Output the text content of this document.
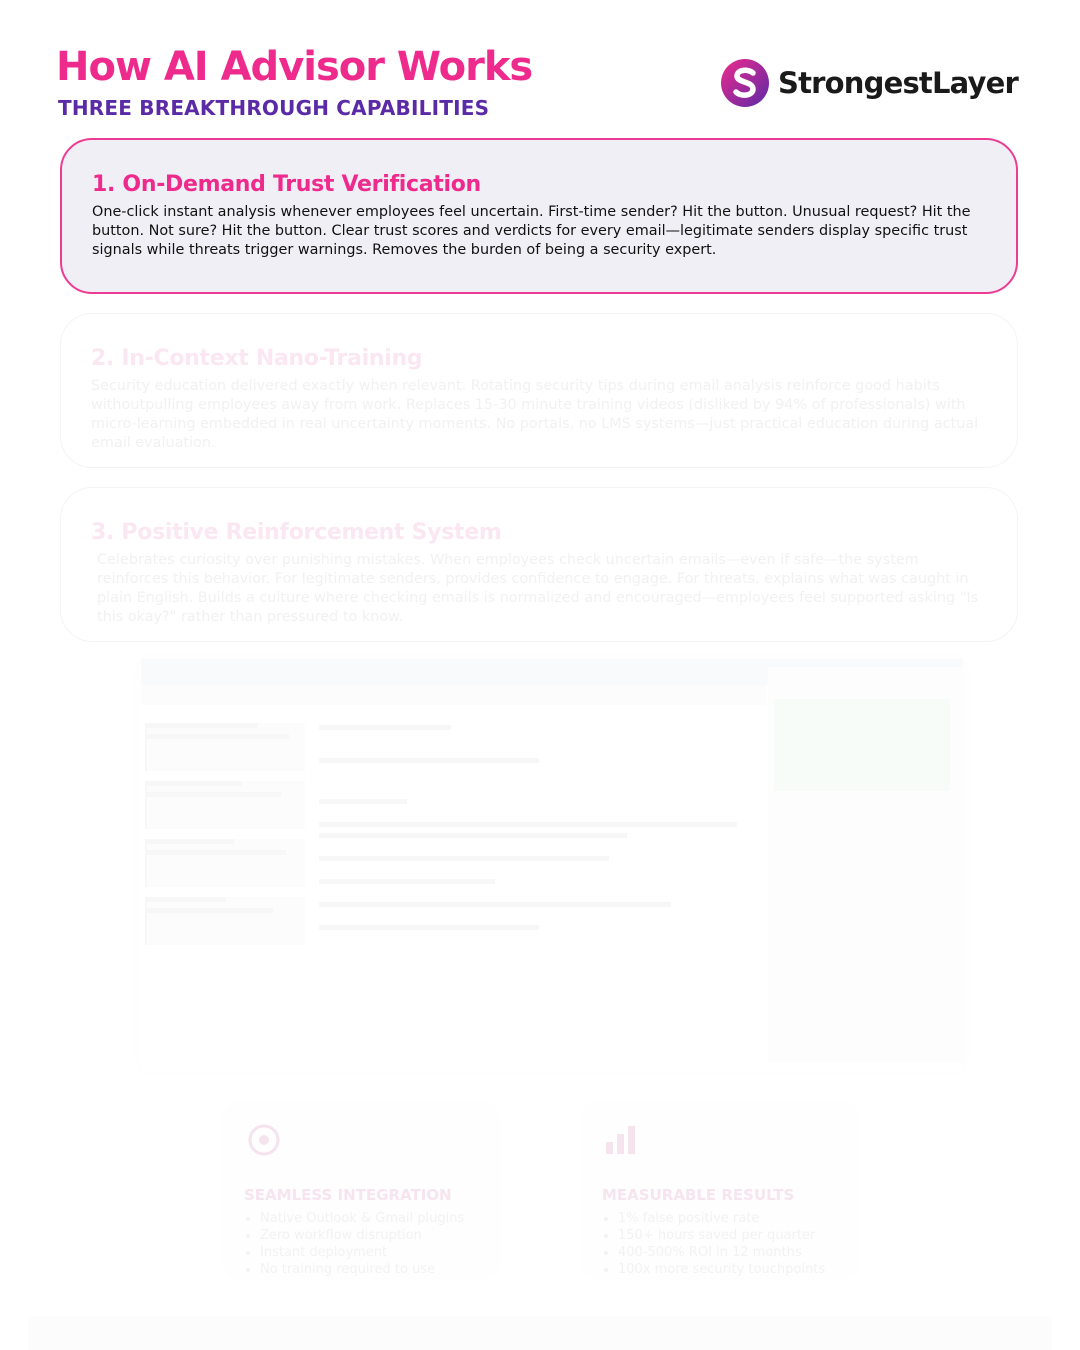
How AI Advisor Works
THREE BREAKTHROUGH CAPABILITIES
StrongestLayer
1. On-Demand Trust Verification

One-click instant analysis whenever employees feel uncertain. First-time sender? Hit the button. Unusual request? Hit the button. Not sure? Hit the button. Clear trust scores and verdicts for every email—legitimate senders display specific trust signals while threats trigger warnings. Removes the burden of being a security expert.

2. In-Context Nano-Training

Security education delivered exactly when relevant. Rotating security tips during email analysis reinforce good habits withoutpulling employees away from work. Replaces 15-30 minute training videos (disliked by 94% of professionals) with micro-learning embedded in real uncertainty moments. No portals, no LMS systems—just practical education during actual email evaluation.

3. Positive Reinforcement System

Celebrates curiosity over punishing mistakes. When employees check uncertain emails—even if safe—the system reinforces this behavior. For legitimate senders, provides confidence to engage. For threats, explains what was caught in plain English. Builds a culture where checking emails is normalized and encouraged—employees feel supported asking "Is this okay?" rather than pressured to know.

SEAMLESS INTEGRATION
• Native Outlook & Gmail plugins
• Zero workflow disruption
• Instant deployment
• No training required to use
MEASURABLE RESULTS
• 1% false positive rate
• 150+ hours saved per quarter
• 400-500% ROI in 12 months
• 100x more security touchpoints
